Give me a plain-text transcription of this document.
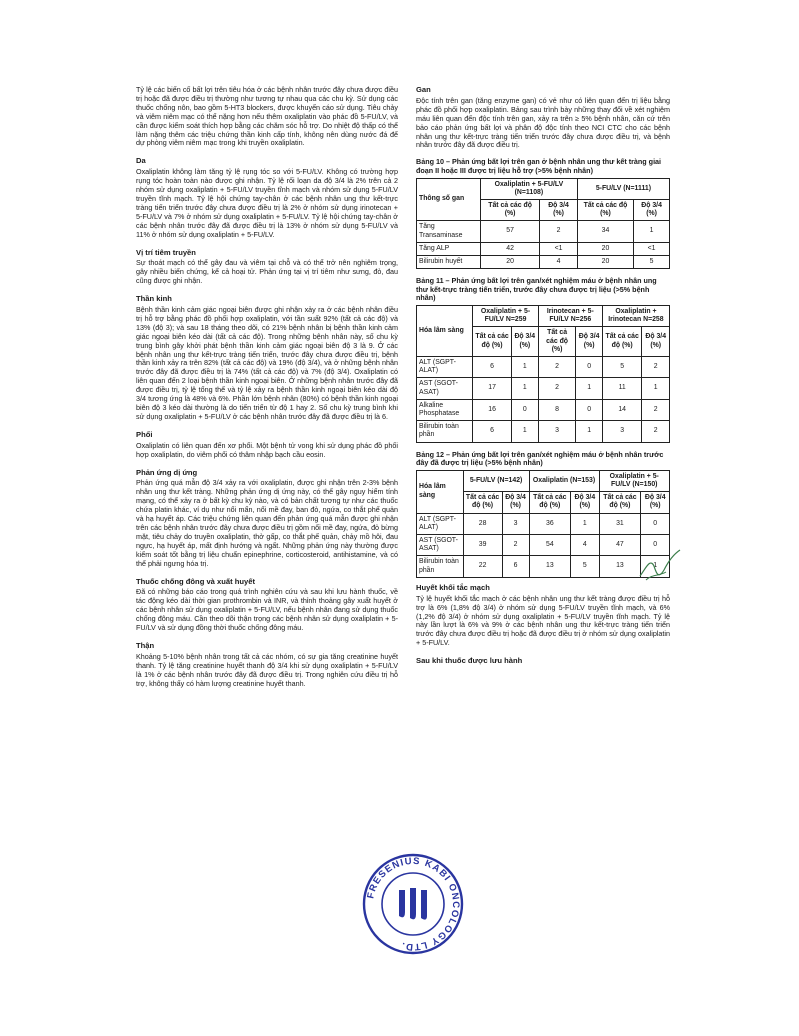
Tỷ lệ các biến cố bất lợi trên tiêu hóa ở các bệnh nhân trước đây chưa được điều trị hoặc đã được điều trị thường như tương tự nhau qua các chu kỳ. Sử dụng các thuốc chống nôn, bao gồm 5-HT3 blockers, được khuyến cáo sử dụng. Tiêu chảy và viêm niêm mạc có thể nặng hơn nếu thêm oxaliplatin vào phác đồ 5-FU/LV, và cần được kiểm soát thích hợp bằng các chăm sóc hỗ trợ. Do nhiệt độ thấp có thể làm nặng thêm các triệu chứng thần kinh cấp tính, không nên dùng nước đá để dự phòng viêm niêm mạc trong khi truyền oxaliplatin.

Da

Oxaliplatin không làm tăng tỷ lệ rụng tóc so với 5-FU/LV. Không có trường hợp rụng tóc hoàn toàn nào được ghi nhận. Tỷ lệ rối loạn da độ 3/4 là 2% trên cả 2 nhóm sử dụng oxaliplatin + 5-FU/LV truyền tĩnh mạch và nhóm sử dụng 5-FU/LV truyền tĩnh mạch. Tỷ lệ hội chứng tay-chân ở các bệnh nhân ung thư kết-trực tràng tiến triển trước đây chưa được điều trị là 2% ở nhóm sử dụng irinotecan + 5-FU/LV và 7% ở nhóm sử dụng oxaliplatin + 5-FU/LV. Tỷ lệ hội chứng tay-chân ở các bệnh nhân trước đây đã được điều trị là 13% ở nhóm sử dụng 5-FU/LV và 11% ở nhóm sử dụng oxaliplatin + 5-FU/LV.

Vị trí tiêm truyền

Sự thoát mạch có thể gây đau và viêm tại chỗ và có thể trở nên nghiêm trọng, gây nhiều biến chứng, kể cả hoại tử. Phản ứng tại vị trí tiêm như sưng, đỏ, đau cũng được ghi nhận.

Thần kinh

Bệnh thần kinh cảm giác ngoại biên được ghi nhận xảy ra ở các bệnh nhân điều trị hỗ trợ bằng phác đồ phối hợp oxaliplatin, với tần suất 92% (tất cả các độ) và 13% (độ 3); và sau 18 tháng theo dõi, có 21% bệnh nhân bị bệnh thần kinh cảm giác ngoại biên kéo dài (tất cả các độ). Trong những bệnh nhân này, số chu kỳ trung bình gây khởi phát bệnh thần kinh cảm giác ngoại biên độ 3 là 9. Ở các bệnh nhân ung thư kết-trực tràng tiến triển, trước đây chưa được điều trị, bệnh thần kinh xảy ra trên 82% (tất cả các độ) và 19% (độ 3/4), và ở những bệnh nhân trước đây đã được điều trị là 74% (tất cả các độ) và 7% (độ 3/4). Oxaliplatin có liên quan đến 2 loại bệnh thần kinh ngoại biên. Ở những bệnh nhân trước đây đã được điều trị, tỷ lệ tổng thể và tỷ lệ xảy ra bệnh thần kinh ngoại biên kéo dài độ 3/4 tương ứng là 48% và 6%. Phần lớn bệnh nhân (80%) có bệnh thần kinh ngoại biên độ 3 kéo dài thường là do tiến triển từ độ 1 hay 2. Số chu kỳ trung bình khi sử dụng oxaliplatin + 5-FU/LV ở các bệnh nhân trước đây đã được điều trị là 6.

Phổi

Oxaliplatin có liên quan đến xơ phổi. Một bệnh tử vong khi sử dụng phác đồ phối hợp oxaliplatin, do viêm phổi có thâm nhập bạch cầu eosin.

Phản ứng dị ứng

Phản ứng quá mẫn độ 3/4 xảy ra với oxaliplatin, được ghi nhận trên 2-3% bệnh nhân ung thư kết tràng. Những phản ứng dị ứng này, có thể gây nguy hiểm tính mạng, có thể xảy ra ở bất kỳ chu kỳ nào, và có bản chất tương tự như các thuốc chứa platin khác, ví dụ như nổi mẩn, nổi mề đay, ban đỏ, ngứa, co thắt phế quản và hạ huyết áp. Các triệu chứng liên quan đến phản ứng quá mẫn được ghi nhận trên các bệnh nhân trước đây chưa được điều trị gồm nổi mề đay, ngứa, đỏ bừng mặt, tiêu chảy do truyền oxaliplatin, thở gấp, co thắt phế quản, chảy mồ hôi, đau ngực, hạ huyết áp, mất định hướng và ngất. Những phản ứng này thường được kiểm soát tốt bằng trị liệu chuẩn epinephrine, corticosteroid, antihistamine, và có thể phải ngưng hóa trị.

Thuốc chống đông và xuất huyết

Đã có những báo cáo trong quá trình nghiên cứu và sau khi lưu hành thuốc, về tác động kéo dài thời gian prothrombin và INR, và thỉnh thoảng gây xuất huyết ở các bệnh nhân sử dụng oxaliplatin + 5-FU/LV, nếu bệnh nhân đang sử dụng thuốc chống đông máu. Cần theo dõi thận trọng các bệnh nhân sử dụng oxaliplatin + 5-FU/LV và sử dụng đồng thời thuốc chống đông máu.

Thận

Khoảng 5-10% bệnh nhân trong tất cả các nhóm, có sự gia tăng creatinine huyết thanh. Tỷ lệ tăng creatinine huyết thanh độ 3/4 khi sử dụng oxaliplatin + 5-FU/LV là 1% ở các bệnh nhân trước đây đã được điều trị. Trong nghiên cứu điều trị hỗ trợ, không thấy có hàm lượng creatinine huyết thanh.

Gan

Độc tính trên gan (tăng enzyme gan) có vẻ như có liên quan đến trị liệu bằng phác đồ phối hợp oxaliplatin. Bảng sau trình bày những thay đổi về xét nghiệm máu liên quan đến độc tính trên gan, xảy ra trên ≥ 5% bệnh nhân, căn cứ trên bảo cáo phản ứng bất lợi và phân độ độc tính theo NCI CTC cho các bệnh nhân ung thư kết-trực tràng tiến triển trước đây chưa được điều trị, và bệnh nhân trước đây đã được điều trị.

Bảng 10 – Phản ứng bất lợi trên gan ở bệnh nhân ung thư kết tràng giai đoạn II hoặc III được trị liệu hỗ trợ (>5% bệnh nhân)
Thông số gan	Oxaliplatin + 5-FU/LV (N=1108)		5-FU/LV (N=1111)	
	Tất cả các độ (%)	Độ 3/4 (%)	Tất cả các độ (%)	Độ 3/4 (%)
Tăng Transaminase	57	2	34	1
Tăng ALP	42	<1	20	<1
Bilirubin huyết	20	4	20	5
Bảng 11 – Phản ứng bất lợi trên gan/xét nghiệm máu ở bệnh nhân ung thư kết-trực tràng tiến triển, trước đây chưa được trị liệu (>5% bệnh nhân)
Hóa lâm sàng	Oxaliplatin + 5-FU/LV N=259		Irinotecan + 5-FU/LV N=256		Oxaliplatin + Irinotecan N=258	
	Tất cả các độ (%)	Độ 3/4 (%)	Tất cả các độ (%)	Độ 3/4 (%)	Tất cả các độ (%)	Độ 3/4 (%)
ALT (SGPT-ALAT)	6	1	2	0	5	2
AST (SGOT-ASAT)	17	1	2	1	11	1
Alkaline Phosphatase	16	0	8	0	14	2
Bilirubin toàn phần	6	1	3	1	3	2
Bảng 12 – Phản ứng bất lợi trên gan/xét nghiệm máu ở bệnh nhân trước đây đã được trị liệu (>5% bệnh nhân)
Hóa lâm sàng	5-FU/LV (N=142)		Oxaliplatin (N=153)		Oxaliplatin + 5-FU/LV (N=150)	
	Tất cả các độ (%)	Độ 3/4 (%)	Tất cả các độ (%)	Độ 3/4 (%)	Tất cả các độ (%)	Độ 3/4 (%)
ALT (SGPT-ALAT)	28	3	36	1	31	0
AST (SGOT-ASAT)	39	2	54	4	47	0
Bilirubin toàn phần	22	6	13	5	13	1
Huyết khối tắc mạch

Tỷ lệ huyết khối tắc mạch ở các bệnh nhân ung thư kết tràng được điều trị hỗ trợ là 6% (1,8% độ 3/4) ở nhóm sử dụng 5-FU/LV truyền tĩnh mạch, và 6% (1,2% độ 3/4) ở nhóm sử dụng oxaliplatin + 5-FU/LV truyền tĩnh mạch. Tỷ lệ này lần lượt là 6% và 9% ở các bệnh nhân ung thư kết-trực tràng tiến triển trước đây chưa được điều trị hoặc đã được điều trị ở nhóm sử dụng oxaliplatin + 5-FU/LV.

Sau khi thuốc được lưu hành
FRESENIUS KABI ONCOLOGY LTD.
